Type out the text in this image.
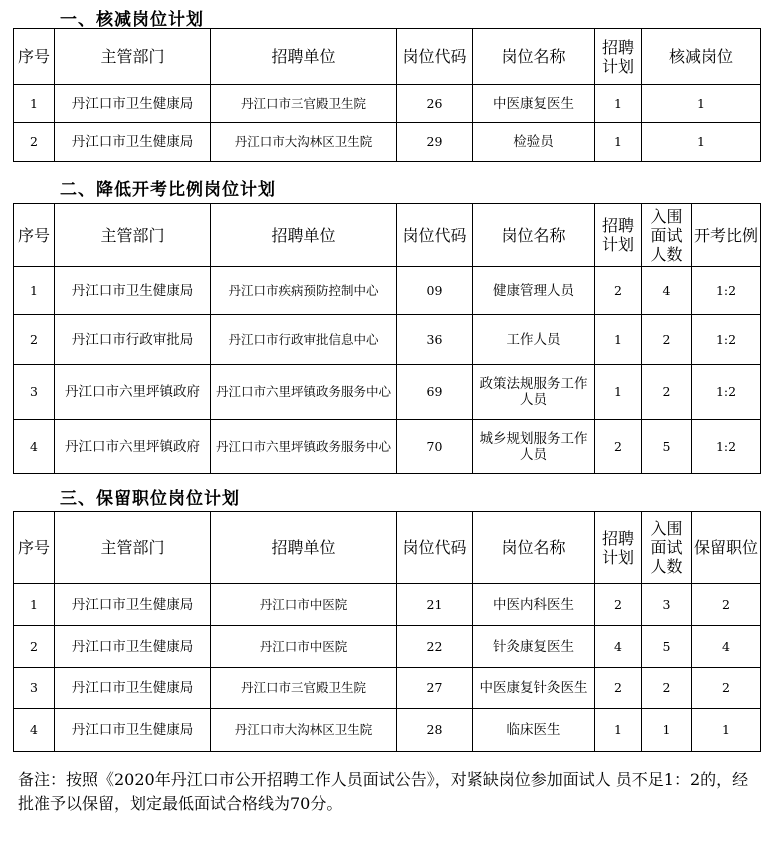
一、核减岗位计划
序号	主管部门	招聘单位	岗位代码	岗位名称	招聘计划	核减岗位
1	丹江口市卫生健康局	丹江口市三官殿卫生院	26	中医康复医生	1	1
2	丹江口市卫生健康局	丹江口市大沟林区卫生院	29	检验员	1	1
二、降低开考比例岗位计划
序号	主管部门	招聘单位	岗位代码	岗位名称	招聘计划	入围面试人数	开考比例
1	丹江口市卫生健康局	丹江口市疾病预防控制中心	09	健康管理人员	2	4	1:2
2	丹江口市行政审批局	丹江口市行政审批信息中心	36	工作人员	1	2	1:2
3	丹江口市六里坪镇政府	丹江口市六里坪镇政务服务中心	69	政策法规服务工作人员	1	2	1:2
4	丹江口市六里坪镇政府	丹江口市六里坪镇政务服务中心	70	城乡规划服务工作人员	2	5	1:2
三、保留职位岗位计划
序号	主管部门	招聘单位	岗位代码	岗位名称	招聘计划	入围面试人数	保留职位
1	丹江口市卫生健康局	丹江口市中医院	21	中医内科医生	2	3	2
2	丹江口市卫生健康局	丹江口市中医院	22	针灸康复医生	4	5	4
3	丹江口市卫生健康局	丹江口市三官殿卫生院	27	中医康复针灸医生	2	2	2
4	丹江口市卫生健康局	丹江口市大沟林区卫生院	28	临床医生	1	1	1
备注：按照《2020年丹江口市公开招聘工作人员面试公告》，对紧缺岗位参加面试人 员不足1：2的，经批准予以保留，划定最低面试合格线为70分。
